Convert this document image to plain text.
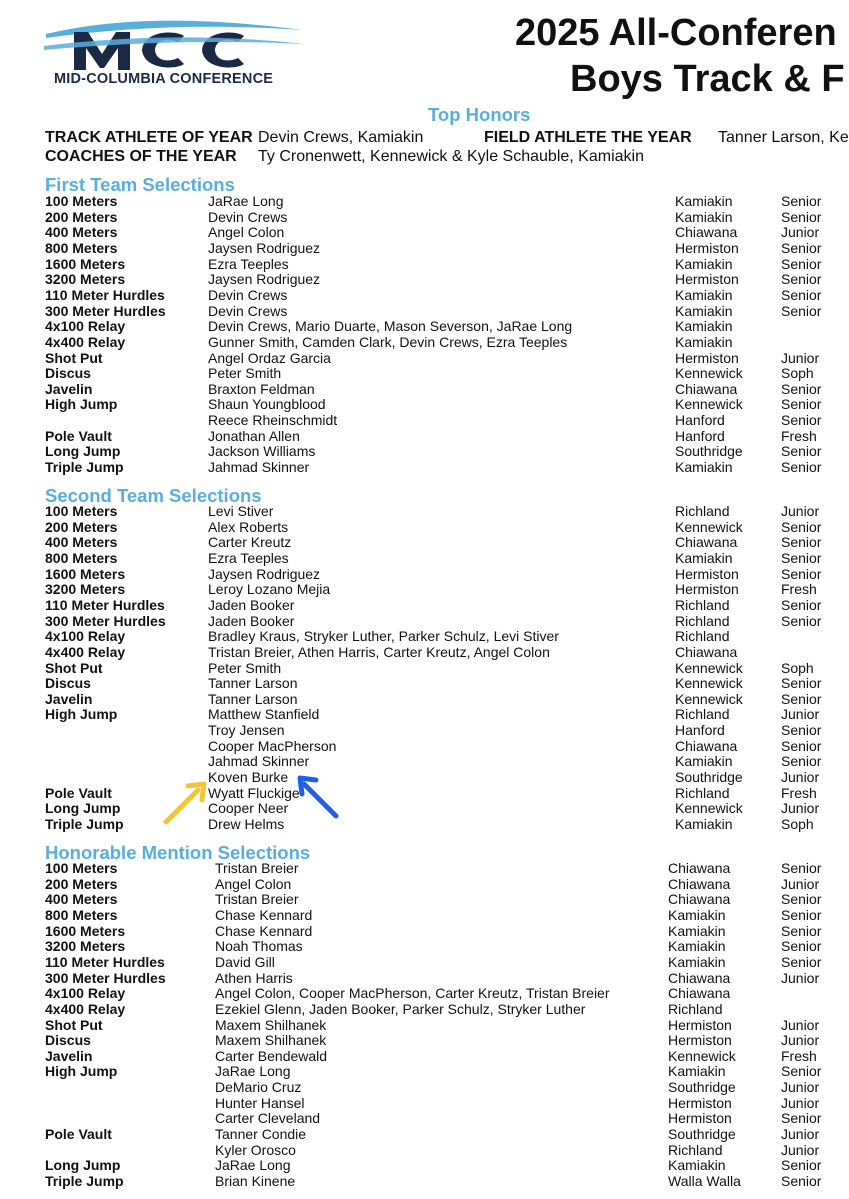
MID-COLUMBIA CONFERENCE
2025 All-Conferen
Boys Track & F
Top Honors
TRACK ATHLETE OF YEAR Devin Crews, Kamiakin	FIELD ATHLETE THE YEAR Tanner Larson, Ke
COACHES OF THE YEAR Ty Cronenwett, Kennewick & Kyle Schauble, Kamiakin
First Team Selections
Second Team Selections
Honorable Mention Selections
100 Meters	JaRae Long	Kamiakin	Senior
200 Meters	Devin Crews	Kamiakin	Senior
400 Meters	Angel Colon	Chiawana	Junior
800 Meters	Jaysen Rodriguez	Hermiston	Senior
1600 Meters	Ezra Teeples	Kamiakin	Senior
3200 Meters	Jaysen Rodriguez	Hermiston	Senior
110 Meter Hurdles	Devin Crews	Kamiakin	Senior
300 Meter Hurdles	Devin Crews	Kamiakin	Senior
4x100 Relay	Devin Crews, Mario Duarte, Mason Severson, JaRae Long	Kamiakin
4x400 Relay	Gunner Smith, Camden Clark, Devin Crews, Ezra Teeples	Kamiakin
Shot Put	Angel Ordaz Garcia	Hermiston	Junior
Discus	Peter Smith	Kennewick	Soph
Javelin	Braxton Feldman	Chiawana	Senior
High Jump	Shaun Youngblood	Kennewick	Senior
Reece Rheinschmidt	Hanford	Senior
Pole Vault	Jonathan Allen	Hanford	Fresh
Long Jump	Jackson Williams	Southridge	Senior
Triple Jump	Jahmad Skinner	Kamiakin	Senior
100 Meters	Levi Stiver	Richland	Junior
200 Meters	Alex Roberts	Kennewick	Senior
400 Meters	Carter Kreutz	Chiawana	Senior
800 Meters	Ezra Teeples	Kamiakin	Senior
1600 Meters	Jaysen Rodriguez	Hermiston	Senior
3200 Meters	Leroy Lozano Mejia	Hermiston	Fresh
110 Meter Hurdles	Jaden Booker	Richland	Senior
300 Meter Hurdles	Jaden Booker	Richland	Senior
4x100 Relay	Bradley Kraus, Stryker Luther, Parker Schulz, Levi Stiver	Richland
4x400 Relay	Tristan Breier, Athen Harris, Carter Kreutz, Angel Colon	Chiawana
Shot Put	Peter Smith	Kennewick	Soph
Discus	Tanner Larson	Kennewick	Senior
Javelin	Tanner Larson	Kennewick	Senior
High Jump	Matthew Stanfield	Richland	Junior
Troy Jensen	Hanford	Senior
Cooper MacPherson	Chiawana	Senior
Jahmad Skinner	Kamiakin	Senior
Koven Burke	Southridge	Junior
Pole Vault	Wyatt Fluckige	Richland	Fresh
Long Jump	Cooper Neer	Kennewick	Junior
Triple Jump	Drew Helms	Kamiakin	Soph
100 Meters	Tristan Breier	Chiawana	Senior
200 Meters	Angel Colon	Chiawana	Junior
400 Meters	Tristan Breier	Chiawana	Senior
800 Meters	Chase Kennard	Kamiakin	Senior
1600 Meters	Chase Kennard	Kamiakin	Senior
3200 Meters	Noah Thomas	Kamiakin	Senior
110 Meter Hurdles	David Gill	Kamiakin	Senior
300 Meter Hurdles	Athen Harris	Chiawana	Junior
4x100 Relay	Angel Colon, Cooper MacPherson, Carter Kreutz, Tristan Breier	Chiawana
4x400 Relay	Ezekiel Glenn, Jaden Booker, Parker Schulz, Stryker Luther	Richland
Shot Put	Maxem Shilhanek	Hermiston	Junior
Discus	Maxem Shilhanek	Hermiston	Junior
Javelin	Carter Bendewald	Kennewick	Fresh
High Jump	JaRae Long	Kamiakin	Senior
DeMario Cruz	Southridge	Junior
Hunter Hansel	Hermiston	Junior
Carter Cleveland	Hermiston	Senior
Pole Vault	Tanner Condie	Southridge	Junior
Kyler Orosco	Richland	Junior
Long Jump	JaRae Long	Kamiakin	Senior
Triple Jump	Brian Kinene	Walla Walla	Senior
